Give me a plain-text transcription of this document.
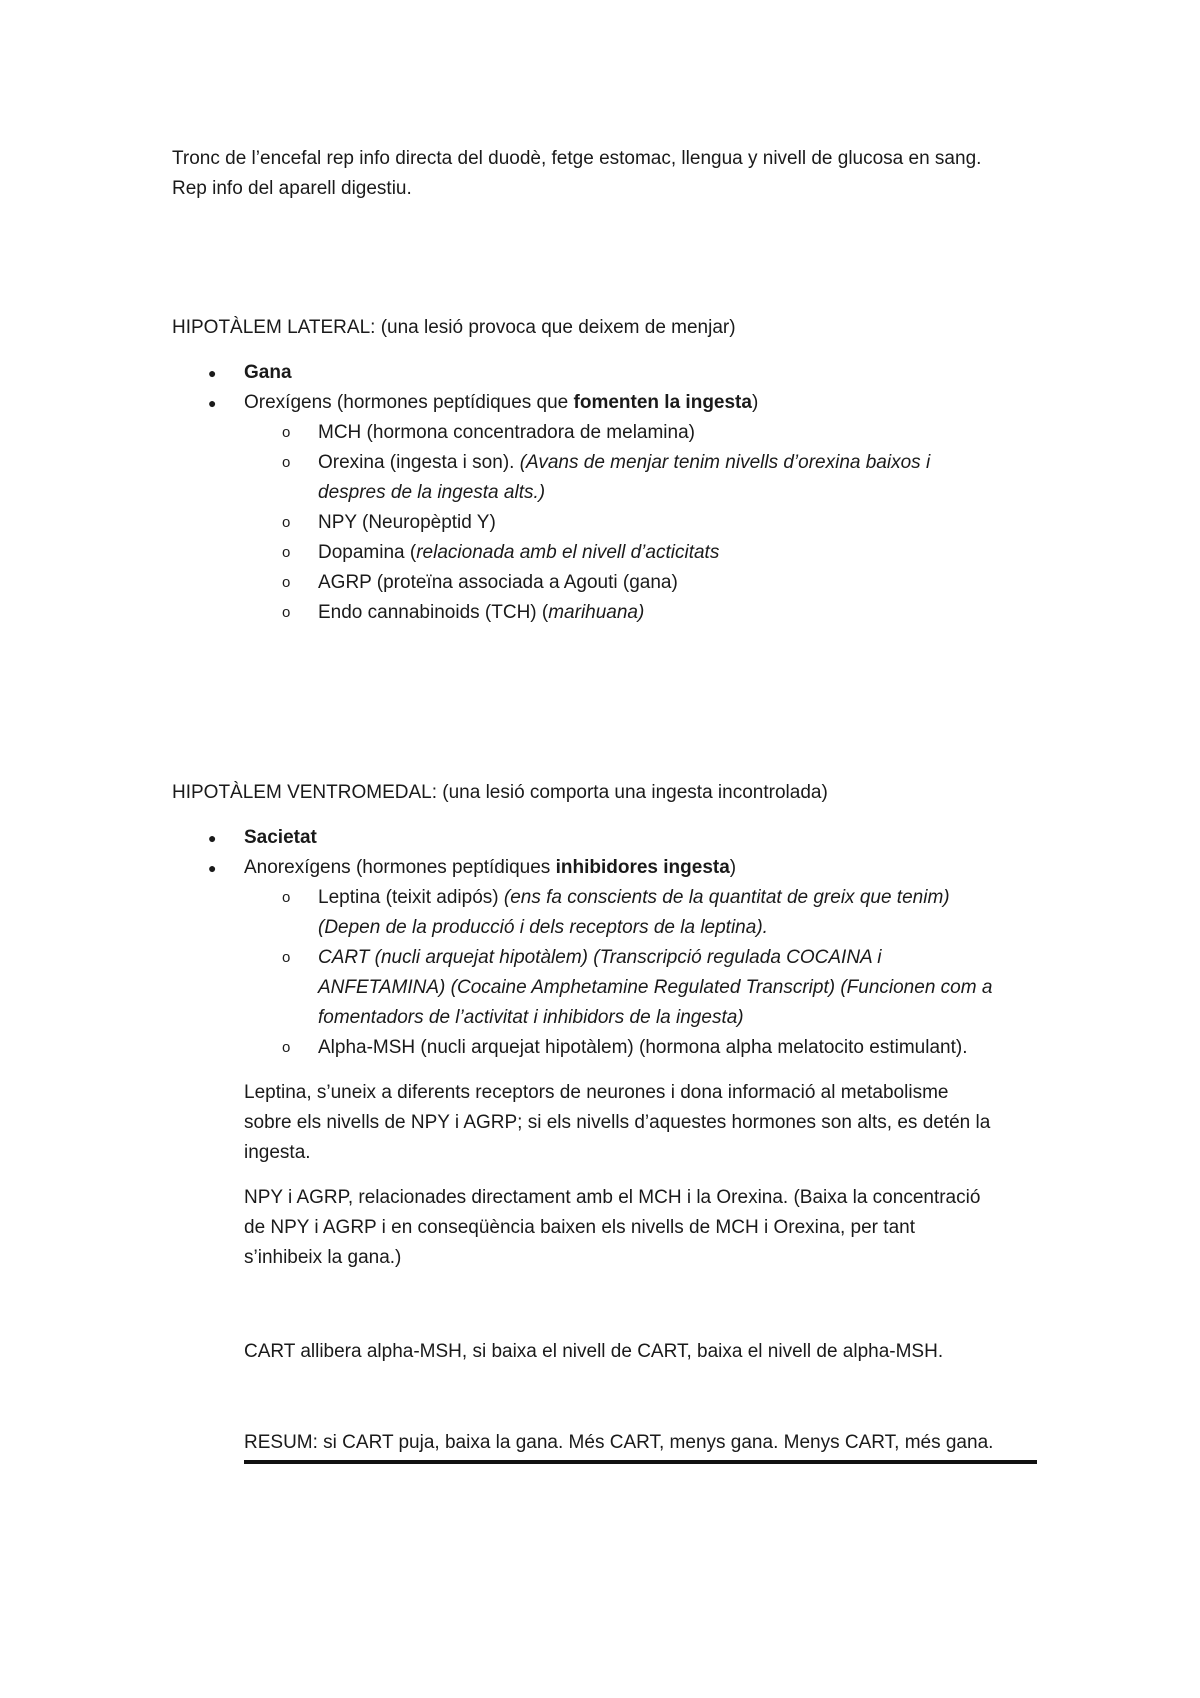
Tronc de l’encefal rep info directa del duodè, fetge estomac, llengua y nivell de glucosa en sang.
Rep info del aparell digestiu.
HIPOTÀLEM LATERAL: (una lesió provoca que deixem de menjar)
● Gana
● Orexígens (hormones peptídiques que fomenten la ingesta)
o MCH (hormona concentradora de melamina)
o Orexina (ingesta i son). (Avans de menjar tenim nivells d’orexina baixos i
despres de la ingesta alts.)
o NPY (Neuropèptid Y)
o Dopamina (relacionada amb el nivell d’acticitats
o AGRP (proteïna associada a Agouti (gana)
o Endo cannabinoids (TCH) (marihuana)
HIPOTÀLEM VENTROMEDAL: (una lesió comporta una ingesta incontrolada)
● Sacietat
● Anorexígens (hormones peptídiques inhibidores ingesta)
o Leptina (teixit adipós) (ens fa conscients de la quantitat de greix que tenim)
(Depen de la producció i dels receptors de la leptina).
o CART (nucli arquejat hipotàlem) (Transcripció regulada COCAINA i
ANFETAMINA) (Cocaine Amphetamine Regulated Transcript) (Funcionen com a
fomentadors de l’activitat i inhibidors de la ingesta)
o Alpha-MSH (nucli arquejat hipotàlem) (hormona alpha melatocito estimulant).
Leptina, s’uneix a diferents receptors de neurones i dona informació al metabolisme
sobre els nivells de NPY i AGRP; si els nivells d’aquestes hormones son alts, es detén la
ingesta.
NPY i AGRP, relacionades directament amb el MCH i la Orexina. (Baixa la concentració
de NPY i AGRP i en conseqüència baixen els nivells de MCH i Orexina, per tant
s’inhibeix la gana.)
CART allibera alpha-MSH, si baixa el nivell de CART, baixa el nivell de alpha-MSH.
RESUM: si CART puja, baixa la gana. Més CART, menys gana. Menys CART, més gana.
